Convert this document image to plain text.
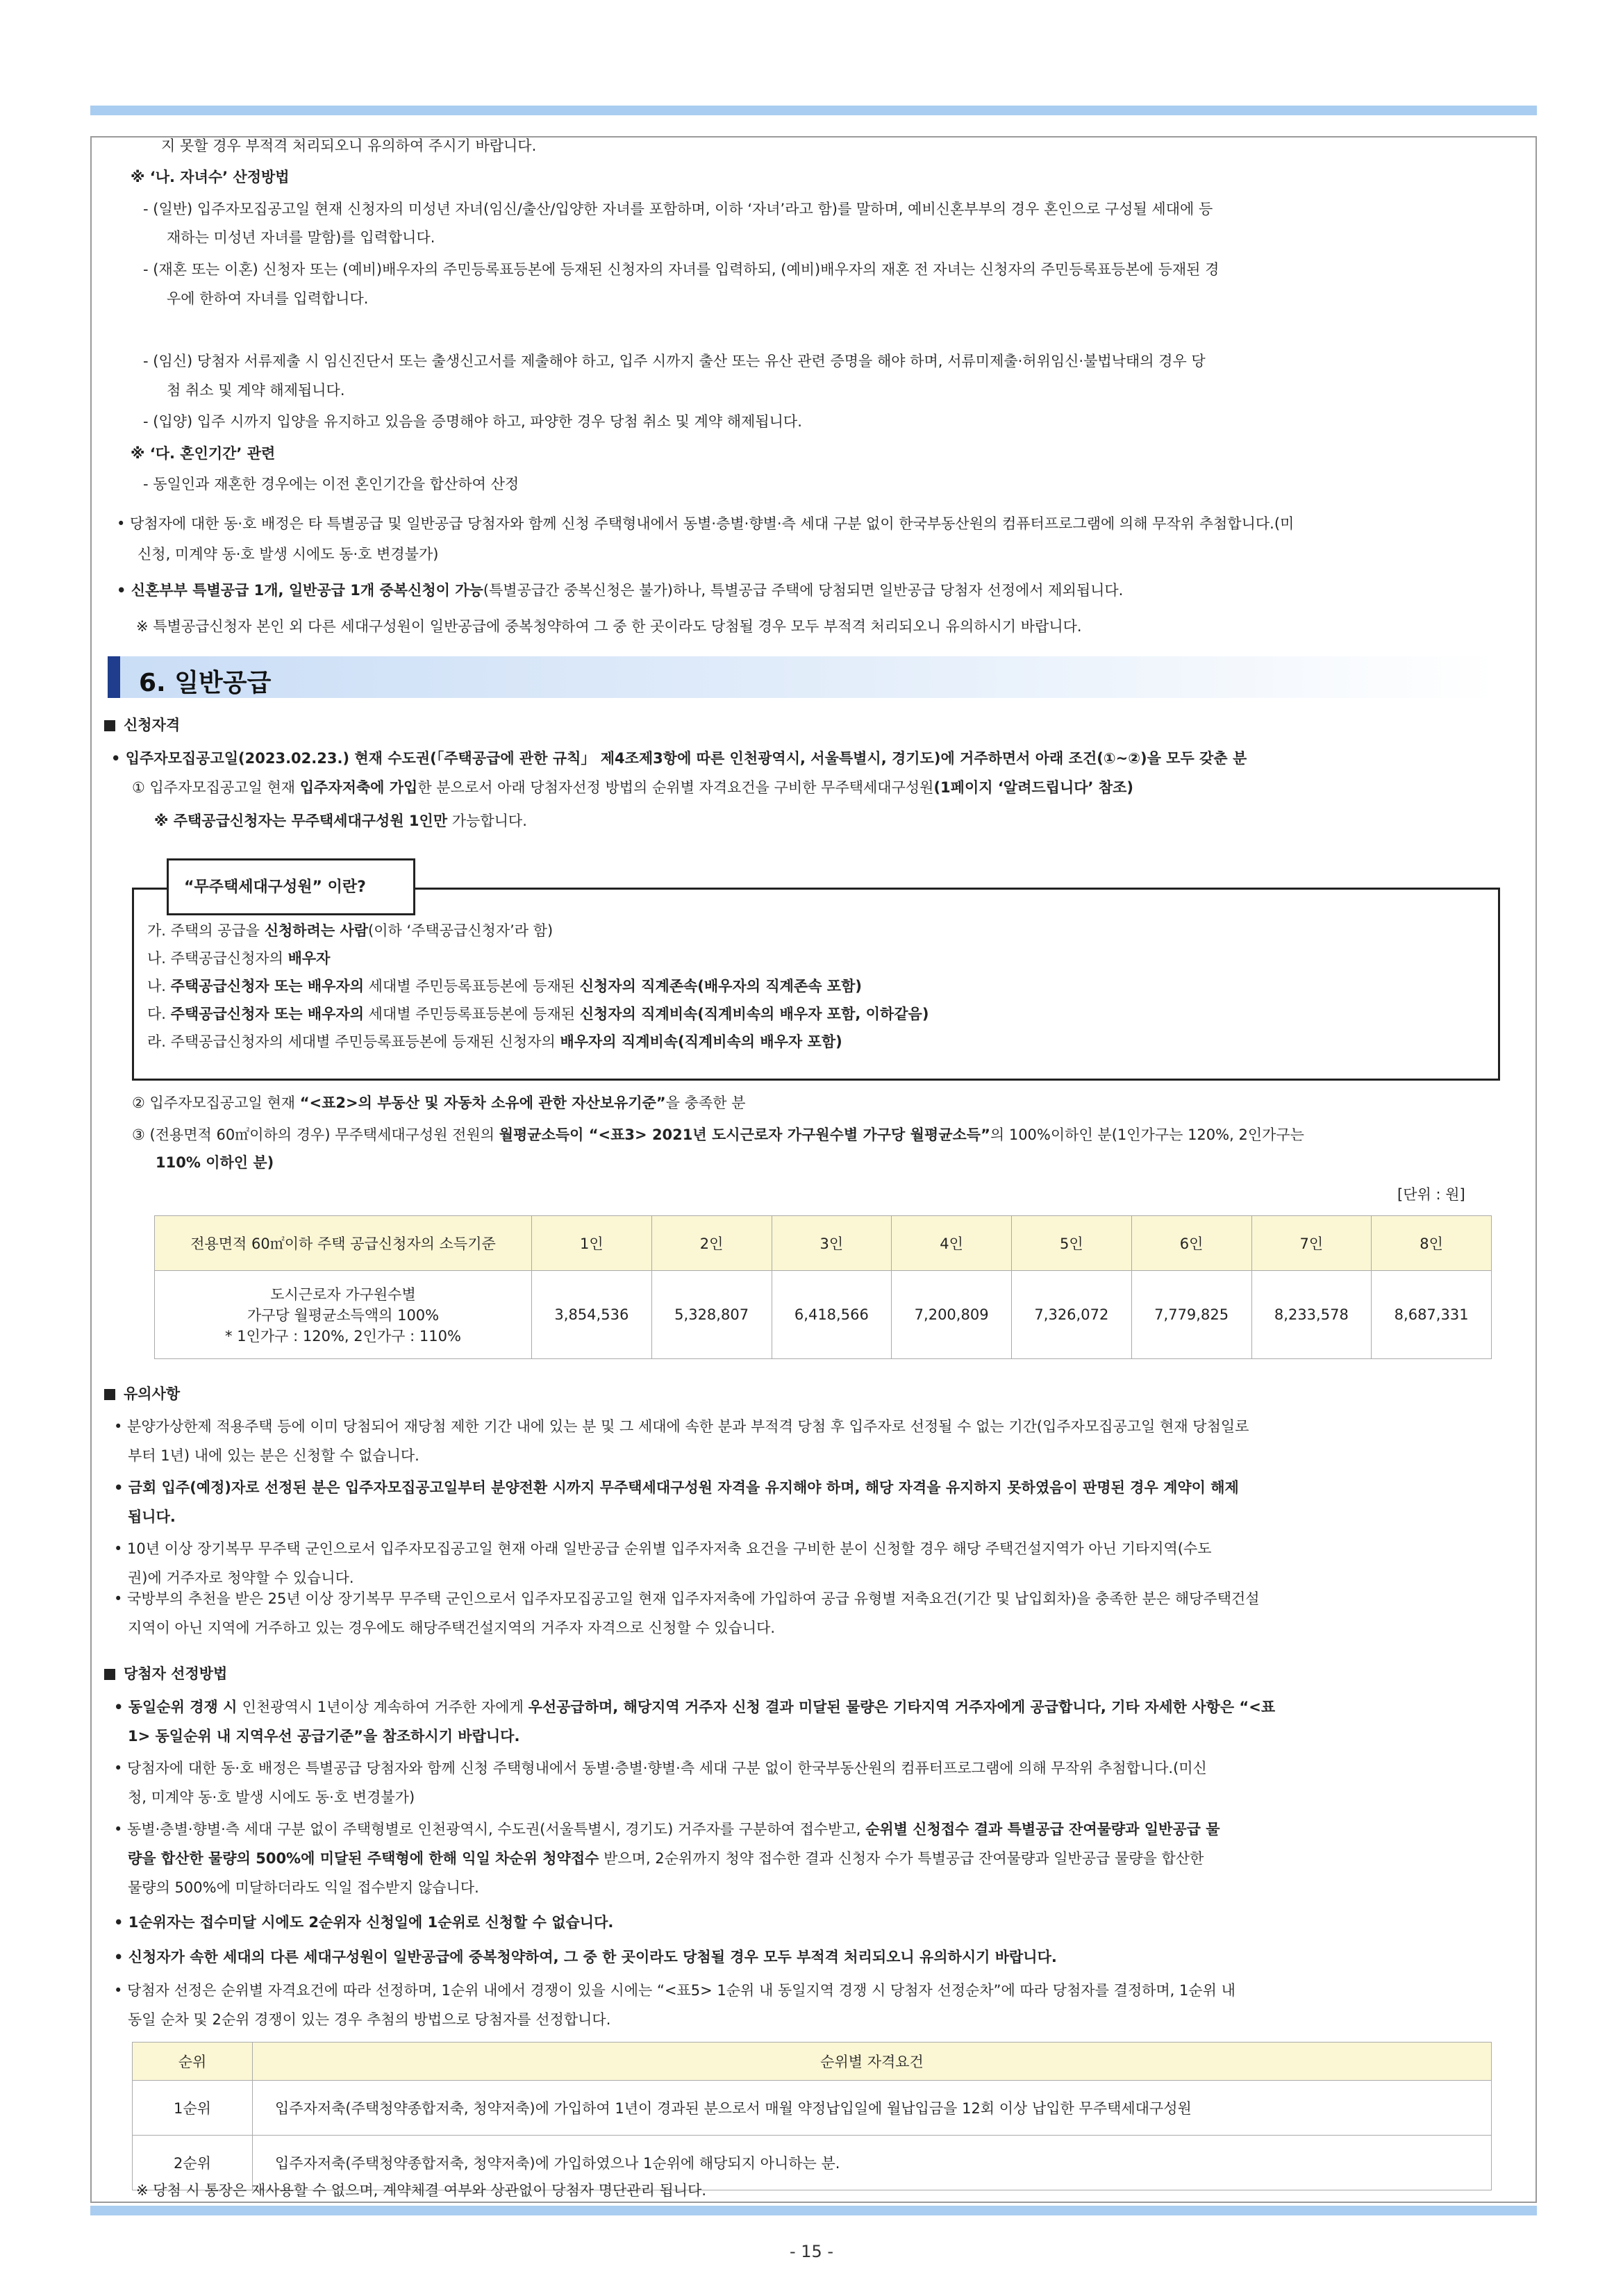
지 못할 경우 부적격 처리되오니 유의하여 주시기 바랍니다.
※ ‘나. 자녀수’ 산정방법
- (일반) 입주자모집공고일 현재 신청자의 미성년 자녀(임신/출산/입양한 자녀를 포함하며, 이하 ‘자녀’라고 함)를 말하며, 예비신혼부부의 경우 혼인으로 구성될 세대에 등
재하는 미성년 자녀를 말함)를 입력합니다.
- (재혼 또는 이혼) 신청자 또는 (예비)배우자의 주민등록표등본에 등재된 신청자의 자녀를 입력하되, (예비)배우자의 재혼 전 자녀는 신청자의 주민등록표등본에 등재된 경
우에 한하여 자녀를 입력합니다.
- (임신) 당첨자 서류제출 시 임신진단서 또는 출생신고서를 제출해야 하고, 입주 시까지 출산 또는 유산 관련 증명을 해야 하며, 서류미제출·허위임신·불법낙태의 경우 당
첨 취소 및 계약 해제됩니다.
- (입양) 입주 시까지 입양을 유지하고 있음을 증명해야 하고, 파양한 경우 당첨 취소 및 계약 해제됩니다.
※ ‘다. 혼인기간’ 관련
- 동일인과 재혼한 경우에는 이전 혼인기간을 합산하여 산정
• 당첨자에 대한 동·호 배정은 타 특별공급 및 일반공급 당첨자와 함께 신청 주택형내에서 동별·층별·향별·측 세대 구분 없이 한국부동산원의 컴퓨터프로그램에 의해 무작위 추첨합니다.(미
신청, 미계약 동·호 발생 시에도 동·호 변경불가)
• 신혼부부 특별공급 1개, 일반공급 1개 중복신청이 가능(특별공급간 중복신청은 불가)하나, 특별공급 주택에 당첨되면 일반공급 당첨자 선정에서 제외됩니다.
※ 특별공급신청자 본인 외 다른 세대구성원이 일반공급에 중복청약하여 그 중 한 곳이라도 당첨될 경우 모두 부적격 처리되오니 유의하시기 바랍니다.
6. 일반공급
신청자격
• 입주자모집공고일(2023.02.23.) 현재 수도권(「주택공급에 관한 규칙」 제4조제3항에 따른 인천광역시, 서울특별시, 경기도)에 거주하면서 아래 조건(①~②)을 모두 갖춘 분
① 입주자모집공고일 현재 입주자저축에 가입한 분으로서 아래 당첨자선정 방법의 순위별 자격요건을 구비한 무주택세대구성원(1페이지 ‘알려드립니다’ 참조)
※ 주택공급신청자는 무주택세대구성원 1인만 가능합니다.
“무주택세대구성원” 이란?
가. 주택의 공급을 신청하려는 사람(이하 ‘주택공급신청자’라 함)
나. 주택공급신청자의 배우자
나. 주택공급신청자 또는 배우자의 세대별 주민등록표등본에 등재된 신청자의 직계존속(배우자의 직계존속 포함)
다. 주택공급신청자 또는 배우자의 세대별 주민등록표등본에 등재된 신청자의 직계비속(직계비속의 배우자 포함, 이하같음)
라. 주택공급신청자의 세대별 주민등록표등본에 등재된 신청자의 배우자의 직계비속(직계비속의 배우자 포함)
② 입주자모집공고일 현재 “<표2>의 부동산 및 자동차 소유에 관한 자산보유기준”을 충족한 분
③ (전용면적 60㎡이하의 경우) 무주택세대구성원 전원의 월평균소득이 “<표3> 2021년 도시근로자 가구원수별 가구당 월평균소득”의 100%이하인 분(1인가구는 120%, 2인가구는
110% 이하인 분)
[단위 : 원]
전용면적 60㎡이하 주택 공급신청자의 소득기준	1인	2인	3인	4인	5인	6인	7인	8인

도시근로자 가구원수별
가구당 월평균소득액의 100%
* 1인가구 : 120%, 2인가구 : 110%	3,854,536	5,328,807	6,418,566	7,200,809	7,326,072	7,779,825	8,233,578	8,687,331
유의사항
• 분양가상한제 적용주택 등에 이미 당첨되어 재당첨 제한 기간 내에 있는 분 및 그 세대에 속한 분과 부적격 당첨 후 입주자로 선정될 수 없는 기간(입주자모집공고일 현재 당첨일로
부터 1년) 내에 있는 분은 신청할 수 없습니다.
• 금회 입주(예정)자로 선정된 분은 입주자모집공고일부터 분양전환 시까지 무주택세대구성원 자격을 유지해야 하며, 해당 자격을 유지하지 못하였음이 판명된 경우 계약이 해제
됩니다.
• 10년 이상 장기복무 무주택 군인으로서 입주자모집공고일 현재 아래 일반공급 순위별 입주자저축 요건을 구비한 분이 신청할 경우 해당 주택건설지역가 아닌 기타지역(수도
권)에 거주자로 청약할 수 있습니다.
• 국방부의 추천을 받은 25년 이상 장기복무 무주택 군인으로서 입주자모집공고일 현재 입주자저축에 가입하여 공급 유형별 저축요건(기간 및 납입회차)을 충족한 분은 해당주택건설
지역이 아닌 지역에 거주하고 있는 경우에도 해당주택건설지역의 거주자 자격으로 신청할 수 있습니다.
당첨자 선정방법
• 동일순위 경쟁 시 인천광역시 1년이상 계속하여 거주한 자에게 우선공급하며, 해당지역 거주자 신청 결과 미달된 물량은 기타지역 거주자에게 공급합니다, 기타 자세한 사항은 “<표
1> 동일순위 내 지역우선 공급기준”을 참조하시기 바랍니다.
• 당첨자에 대한 동·호 배정은 특별공급 당첨자와 함께 신청 주택형내에서 동별·층별·향별·측 세대 구분 없이 한국부동산원의 컴퓨터프로그램에 의해 무작위 추첨합니다.(미신
청, 미계약 동·호 발생 시에도 동·호 변경불가)
• 동별·층별·향별·측 세대 구분 없이 주택형별로 인천광역시, 수도권(서울특별시, 경기도) 거주자를 구분하여 접수받고, 순위별 신청접수 결과 특별공급 잔여물량과 일반공급 물
량을 합산한 물량의 500%에 미달된 주택형에 한해 익일 차순위 청약접수 받으며, 2순위까지 청약 접수한 결과 신청자 수가 특별공급 잔여물량과 일반공급 물량을 합산한
물량의 500%에 미달하더라도 익일 접수받지 않습니다.
• 1순위자는 접수미달 시에도 2순위자 신청일에 1순위로 신청할 수 없습니다.
• 신청자가 속한 세대의 다른 세대구성원이 일반공급에 중복청약하여, 그 중 한 곳이라도 당첨될 경우 모두 부적격 처리되오니 유의하시기 바랍니다.
• 당첨자 선정은 순위별 자격요건에 따라 선정하며, 1순위 내에서 경쟁이 있을 시에는 “<표5> 1순위 내 동일지역 경쟁 시 당첨자 선정순차”에 따라 당첨자를 결정하며, 1순위 내
동일 순차 및 2순위 경쟁이 있는 경우 추첨의 방법으로 당첨자를 선정합니다.
순위	순위별 자격요건
1순위	입주자저축(주택청약종합저축, 청약저축)에 가입하여 1년이 경과된 분으로서 매월 약정납입일에 월납입금을 12회 이상 납입한 무주택세대구성원
2순위	입주자저축(주택청약종합저축, 청약저축)에 가입하였으나 1순위에 해당되지 아니하는 분.
※ 당첨 시 통장은 재사용할 수 없으며, 계약체결 여부와 상관없이 당첨자 명단관리 됩니다.
- 15 -
